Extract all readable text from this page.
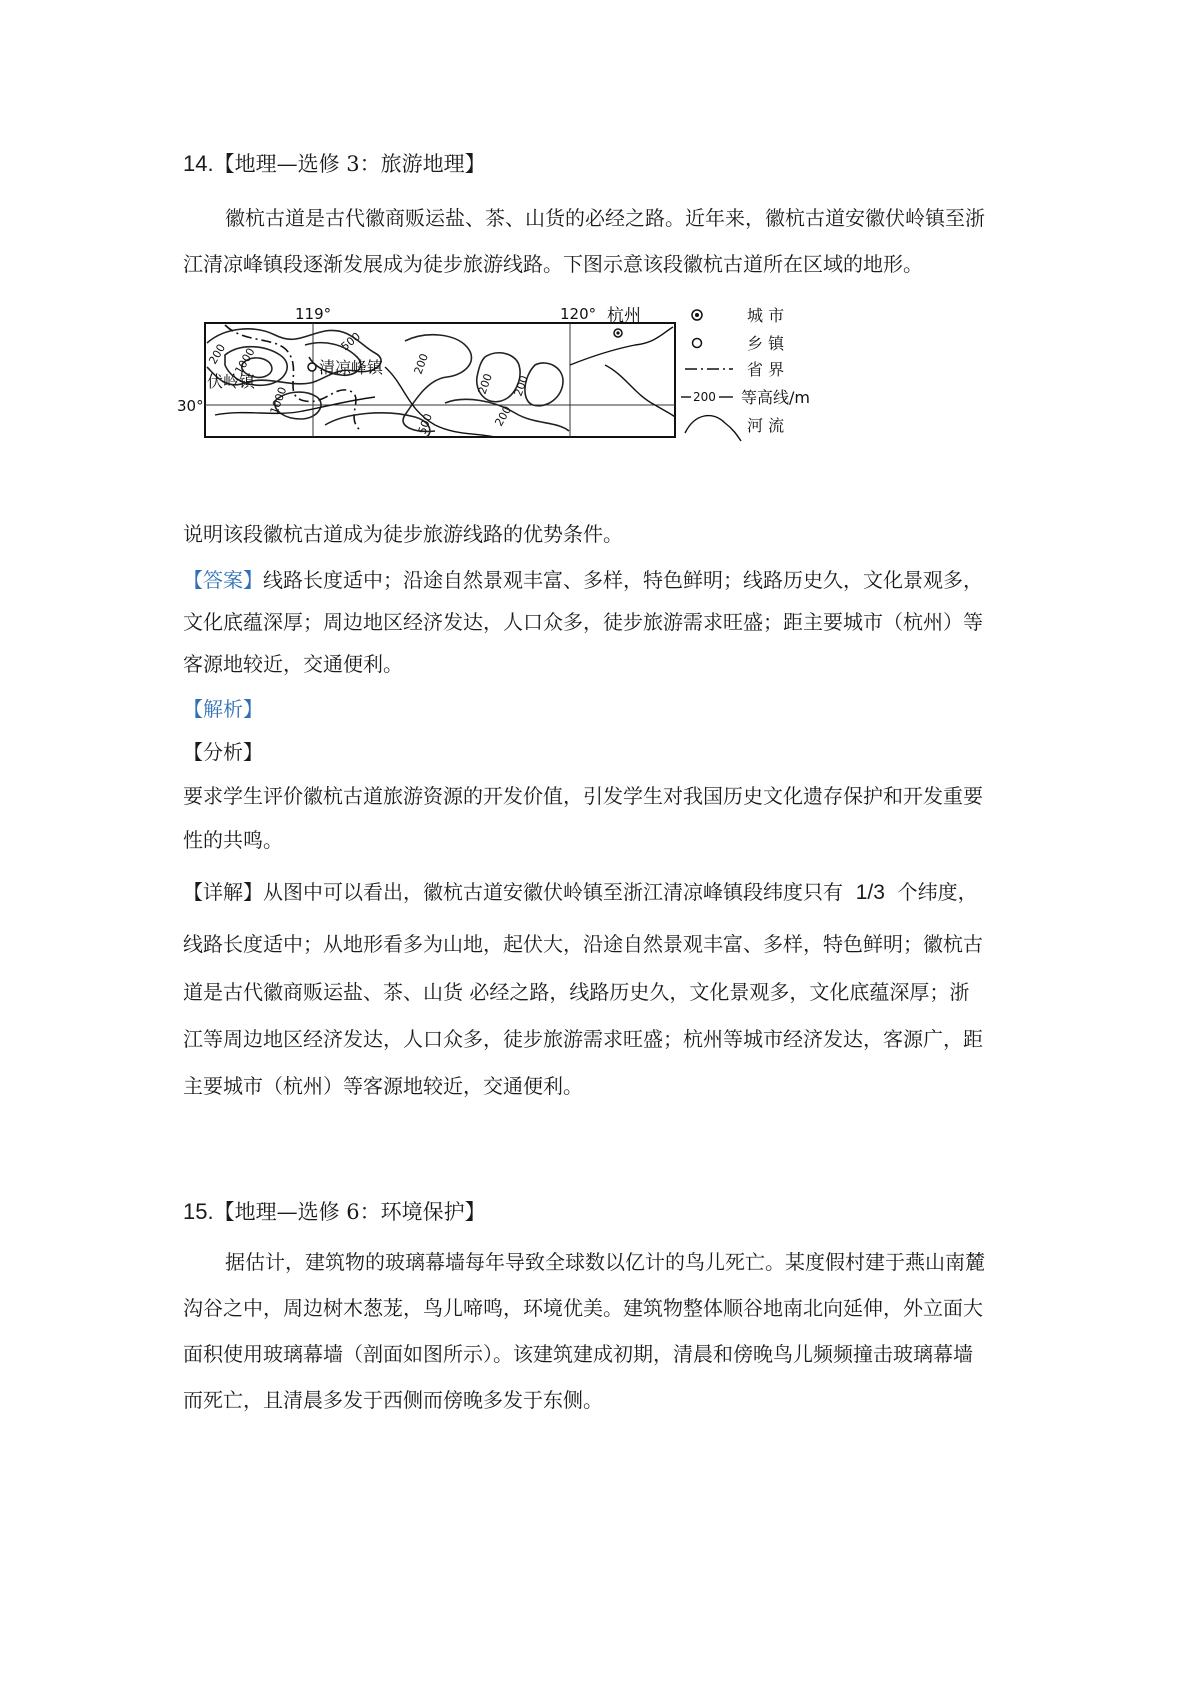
14.【地理—选修 3：旅游地理】
徽杭古道是古代徽商贩运盐、茶、山货的必经之路。近年来，徽杭古道安徽伏岭镇至浙
江清凉峰镇段逐渐发展成为徒步旅游线路。下图示意该段徽杭古道所在区域的地形。
119°	120°
30°
200 1000
500
1000
200
200 200
200
500
清凉峰镇
伏岭镇
杭州	城 市
乡 镇
省 界
200 等高线/m
河 流
说明该段徽杭古道成为徒步旅游线路的优势条件。
【答案】线路长度适中；沿途自然景观丰富、多样，特色鲜明；线路历史久，文化景观多，
文化底蕴深厚；周边地区经济发达，人口众多，徒步旅游需求旺盛；距主要城市（杭州）等
客源地较近，交通便利。
【解析】
【分析】
要求学生评价徽杭古道旅游资源的开发价值，引发学生对我国历史文化遗存保护和开发重要
性的共鸣。
【详解】从图中可以看出，徽杭古道安徽伏岭镇至浙江清凉峰镇段纬度只有 1/3 个纬度，
线路长度适中；从地形看多为山地，起伏大，沿途自然景观丰富、多样，特色鲜明；徽杭古
道是古代徽商贩运盐、茶、山货 必经之路，线路历史久，文化景观多，文化底蕴深厚；浙
江等周边地区经济发达，人口众多，徒步旅游需求旺盛；杭州等城市经济发达，客源广，距
主要城市（杭州）等客源地较近，交通便利。
15.【地理—选修 6：环境保护】
据估计，建筑物的玻璃幕墙每年导致全球数以亿计的鸟儿死亡。某度假村建于燕山南麓
沟谷之中，周边树木葱茏，鸟儿啼鸣，环境优美。建筑物整体顺谷地南北向延伸，外立面大
面积使用玻璃幕墙（剖面如图所示）。该建筑建成初期，清晨和傍晚鸟儿频频撞击玻璃幕墙
而死亡，且清晨多发于西侧而傍晚多发于东侧。
